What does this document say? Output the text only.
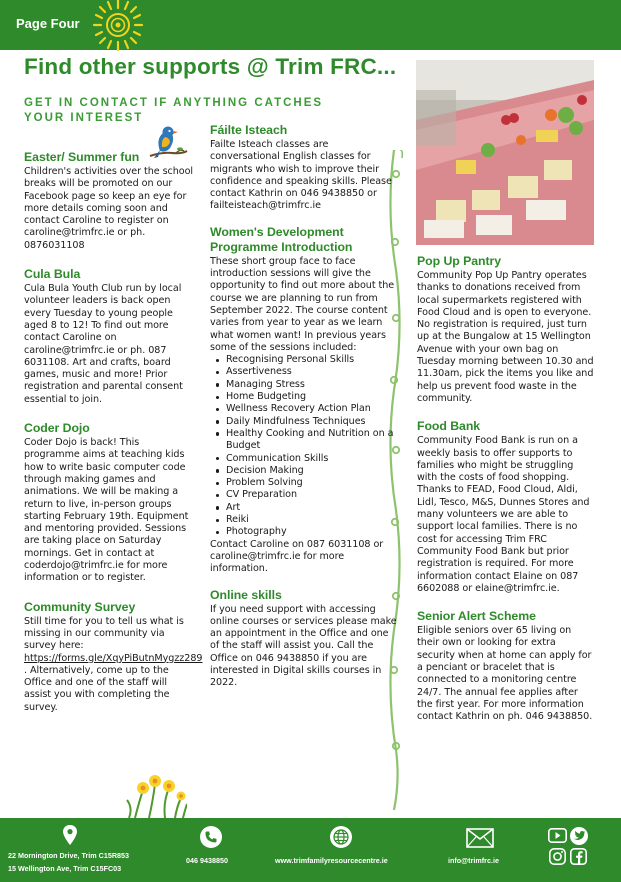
Page Four
Find other supports @ Trim FRC...
GET IN CONTACT IF ANYTHING CATCHES YOUR INTEREST
Easter/ Summer fun

Children's activities over the school breaks will be promoted on our Facebook page so keep an eye for more details coming soon and contact Caroline to register on caroline@trimfrc.ie or ph. 0876031108

Cula Bula

Cula Bula Youth Club run by local volunteer leaders is back open every Tuesday to young people aged 8 to 12! To find out more contact Caroline on caroline@trimfrc.ie or ph. 087 6031108. Art and crafts, board games, music and more! Prior registration and parental consent essential to join.

Coder Dojo

Coder Dojo is back! This programme aims at teaching kids how to write basic computer code through making games and animations. We will be making a return to live, in-person groups starting February 19th. Equipment and mentoring provided. Sessions are taking place on Saturday mornings. Get in contact at coderdojo@trimfrc.ie for more information or to register.

Community Survey

Still time for you to tell us what is missing in our community via survey here: https://forms.gle/XqyPiButnMygzz289 . Alternatively, come up to the Office and one of the staff will assist you with completing the survey.

Fáilte Isteach

Failte Isteach classes are conversational English classes for migrants who wish to improve their confidence and speaking skills. Please contact Kathrin on 046 9438850 or failteisteach@trimfrc.ie

Women's Development Programme Introduction

These short group face to face introduction sessions will give the opportunity to find out more about the course we are planning to run from September 2022. The course content varies from year to year as we learn what women want! In previous years some of the sessions included:

Recognising Personal Skills
Assertiveness
Managing Stress
Home Budgeting
Wellness Recovery Action Plan
Daily Mindfulness Techniques
Healthy Cooking and Nutrition on a Budget
Communication Skills
Decision Making
Problem Solving
CV Preparation
Art
Reiki
Photography

Contact Caroline on 087 6031108 or caroline@trimfrc.ie for more information.

Online skills

If you need support with accessing online courses or services please make an appointment in the Office and one of the staff will assist you. Call the Office on 046 9438850 if you are interested in Digital skills courses in 2022.

Pop Up Pantry

Community Pop Up Pantry operates thanks to donations received from local supermarkets registered with Food Cloud and is open to everyone. No registration is required, just turn up at the Bungalow at 15 Wellington Avenue with your own bag on Tuesday morning between 10.30 and 11.30am, pick the items you like and help us prevent food waste in the community.

Food Bank

Community Food Bank is run on a weekly basis to offer supports to families who might be struggling with the costs of food shopping. Thanks to FEAD, Food Cloud, Aldi, Lidl, Tesco, M&S, Dunnes Stores and many volunteers we are able to support local families. There is no cost for accessing Trim FRC Community Food Bank but prior registration is required. For more information contact Elaine on 087 6602088 or elaine@trimfrc.ie.

Senior Alert Scheme

Eligible seniors over 65 living on their own or looking for extra security when at home can apply for a penciant or bracelet that is connected to a monitoring centre 24/7. The annual fee applies after the first year. For more information contact Kathrin on ph. 046 9438850.

22 Mornington Drive, Trim C15R853
15 Wellington Ave, Trim C15FC03
046 9438850	www.trimfamilyresourcecentre.ie	info@trimfrc.ie
